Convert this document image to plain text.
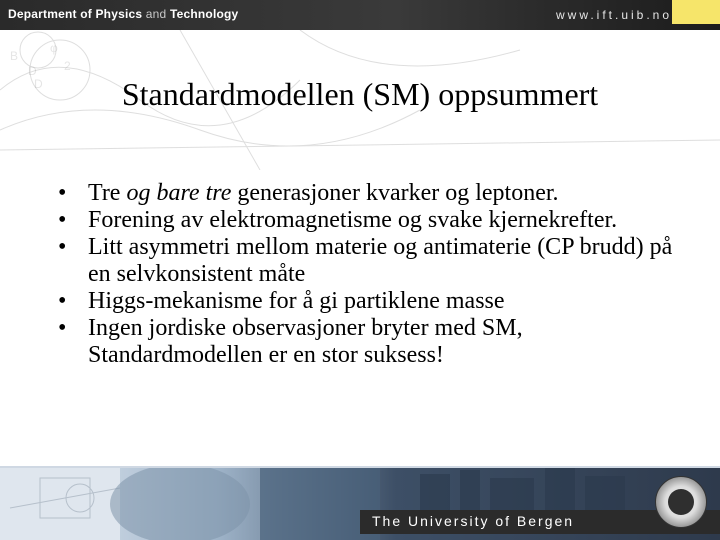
Department of Physics and Technology	www.ift.uib.no
B
φ
2
D
D	Standardmodellen (SM) oppsummert
• Tre og bare tre generasjoner kvarker og leptoner.
• Forening av elektromagnetisme og svake kjernekrefter.
• Litt asymmetri mellom materie og antimaterie (CP brudd) på en selvkonsistent måte
• Higgs-mekanisme for å gi partiklene masse
• Ingen jordiske observasjoner bryter med SM, Standardmodellen er en stor suksess!
The University of Bergen
